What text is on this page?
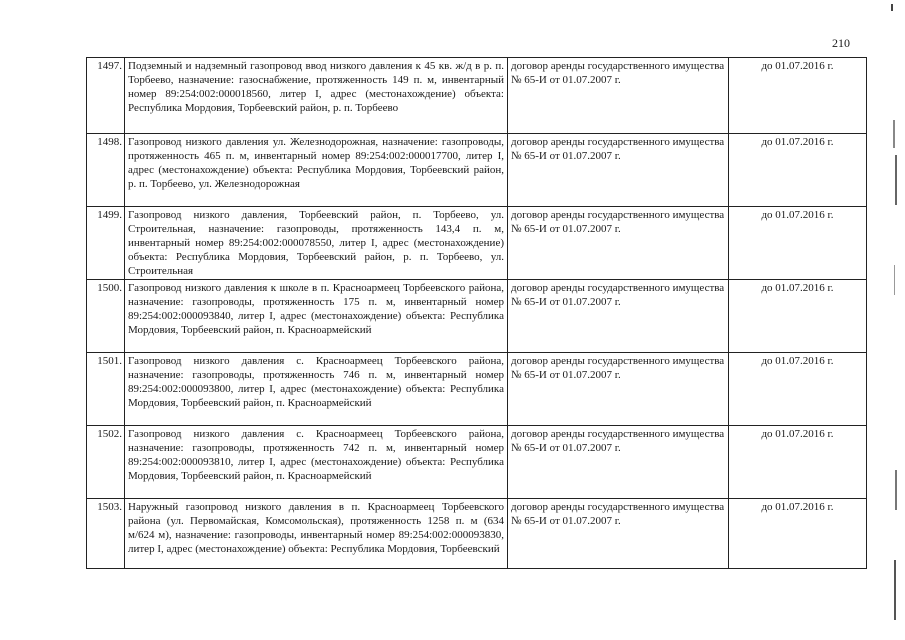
210
1497.	Подземный и надземный газопровод ввод низкого давления к 45 кв. ж/д в р. п. Торбеево, назначение: газоснабжение, протяженность 149 п. м, инвентарный номер 89:254:002:000018560, литер I, адрес (местонахождение) объекта: Республика Мордовия, Торбеевский район, р. п. Торбеево	договор аренды государственного имущества № 65-И от 01.07.2007 г.	до 01.07.2016 г.
1498.	Газопровод низкого давления ул. Железнодорожная, назначение: газопроводы, протяженность 465 п. м, инвентарный номер 89:254:002:000017700, литер I, адрес (местонахождение) объекта: Республика Мордовия, Торбеевский район, р. п. Торбеево, ул. Железнодорожная	договор аренды государственного имущества № 65-И от 01.07.2007 г.	до 01.07.2016 г.
1499.	Газопровод низкого давления, Торбеевский район, п. Торбеево, ул. Строительная, назначение: газопроводы, протяженность 143,4 п. м, инвентарный номер 89:254:002:000078550, литер I, адрес (местонахождение) объекта: Республика Мордовия, Торбеевский район, р. п. Торбеево, ул. Строительная	договор аренды государственного имущества № 65-И от 01.07.2007 г.	до 01.07.2016 г.
1500.	Газопровод низкого давления к школе в п. Красноармеец Торбеевского района, назначение: газопроводы, протяженность 175 п. м, инвентарный номер 89:254:002:000093840, литер I, адрес (местонахождение) объекта: Республика Мордовия, Торбеевский район, п. Красноармейский	договор аренды государственного имущества № 65-И от 01.07.2007 г.	до 01.07.2016 г.
1501.	Газопровод низкого давления с. Красноармеец Торбеевского района, назначение: газопроводы, протяженность 746 п. м, инвентарный номер 89:254:002:000093800, литер I, адрес (местонахождение) объекта: Республика Мордовия, Торбеевский район, п. Красноармейский	договор аренды государственного имущества № 65-И от 01.07.2007 г.	до 01.07.2016 г.
1502.	Газопровод низкого давления с. Красноармеец Торбеевского района, назначение: газопроводы, протяженность 742 п. м, инвентарный номер 89:254:002:000093810, литер I, адрес (местонахождение) объекта: Республика Мордовия, Торбеевский район, п. Красноармейский	договор аренды государственного имущества № 65-И от 01.07.2007 г.	до 01.07.2016 г.
1503.	Наружный газопровод низкого давления в п. Красноармеец Торбеевского района (ул. Первомайская, Комсомольская), протяженность 1258 п. м (634 м/624 м), назначение: газопроводы, инвентарный номер 89:254:002:000093830, литер I, адрес (местонахождение) объекта: Республика Мордовия, Торбеевский	договор аренды государственного имущества № 65-И от 01.07.2007 г.	до 01.07.2016 г.
